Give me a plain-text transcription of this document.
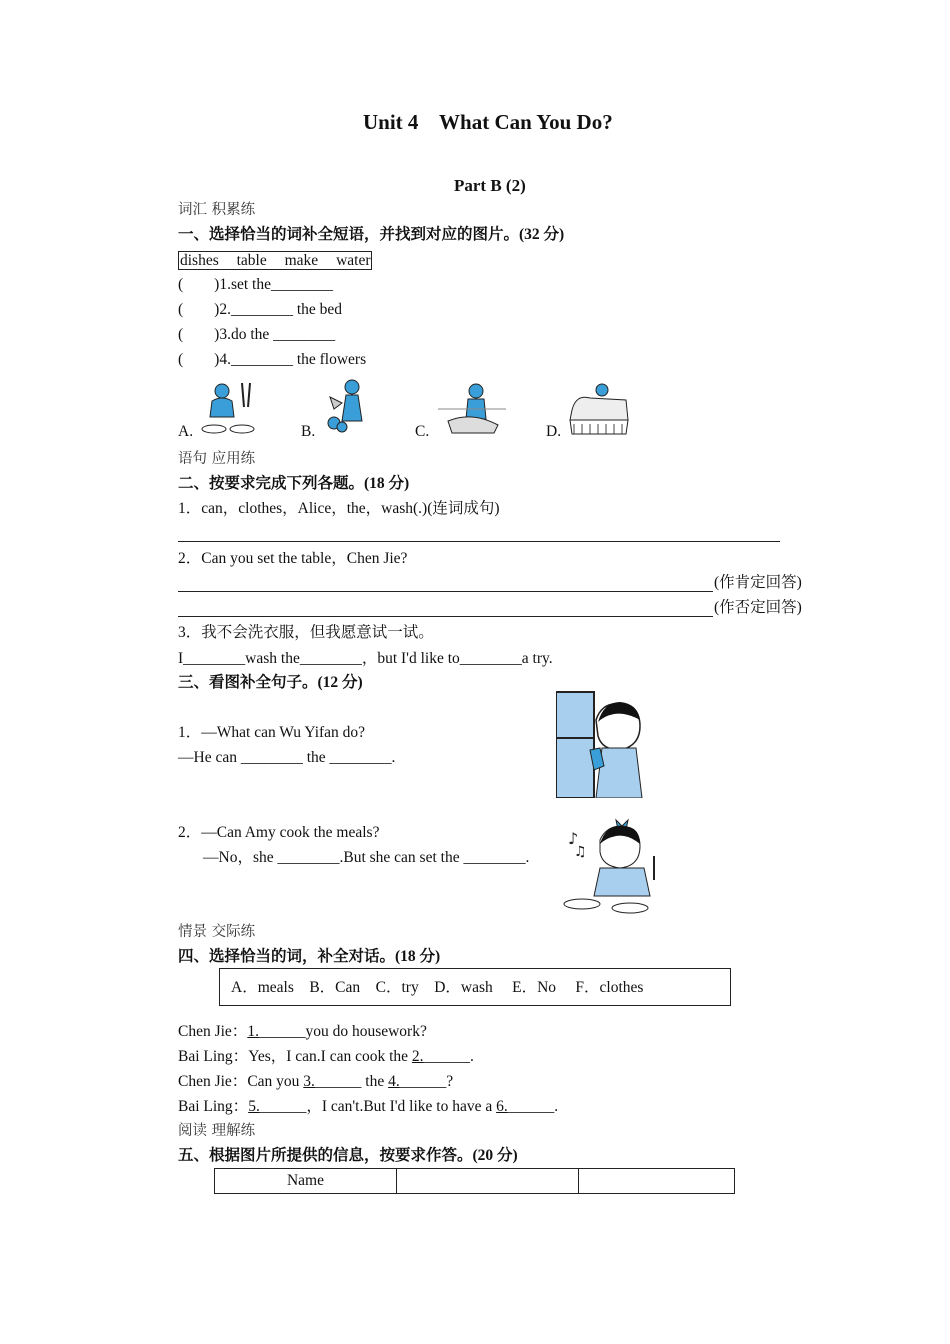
Unit 4    What Can You Do?
Part B (2)
词汇 积累练
一、选择恰当的词补全短语，并找到对应的图片。(32 分)
dishes table make water
(        )1.set the________
(        )2.________ the bed
(        )3.do the ________
(        )4.________ the flowers
A.	B.	C.	D.
语句 应用练
二、按要求完成下列各题。(18 分)
1．can，clothes，Alice，the，wash(.)(连词成句)
2．Can you set the table，Chen Jie?
(作肯定回答)
(作否定回答)
3．我不会洗衣服，但我愿意试一试。
I________wash the________，but I'd like to________a try.
三、看图补全句子。(12 分)
1．—What can Wu Yifan do?
—He can ________ the ________.
2．—Can Amy cook the meals?
—No，she ________.But she can set the ________.
♪
♫
情景 交际练
四、选择恰当的词，补全对话。(18 分)
A．meals    B．Can    C．try    D．wash     E．No     F．clothes
Chen Jie：1.______you do housework?
Bai Ling：Yes，I can.I can cook the 2.______.
Chen Jie：Can you 3.______ the 4.______?
Bai Ling：5.______，I can't.But I'd like to have a 6.______.
阅读 理解练
五、根据图片所提供的信息，按要求作答。(20 分)
Name		
